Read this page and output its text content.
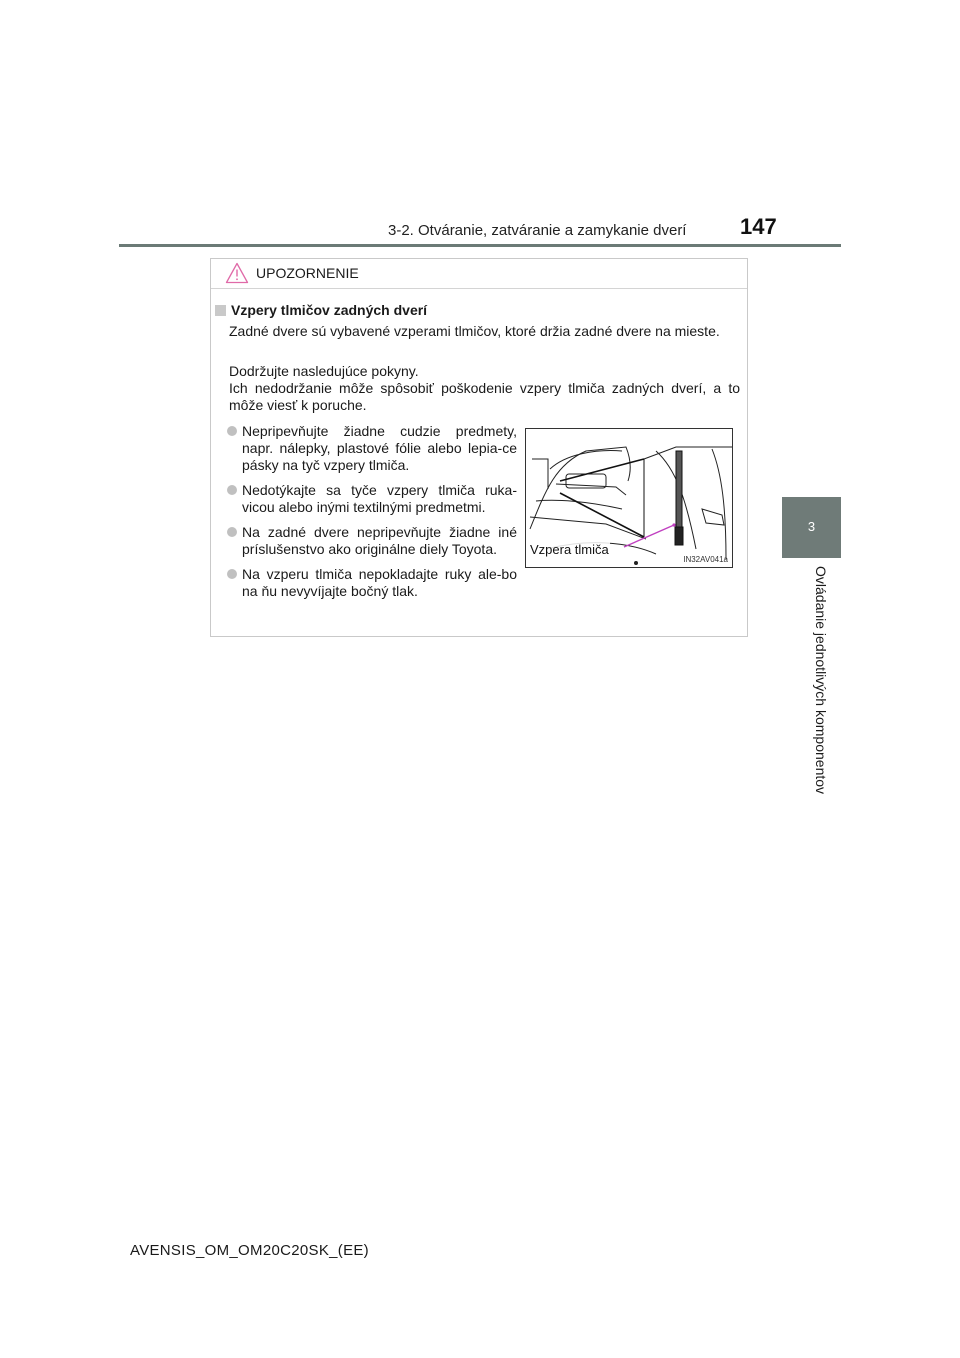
3-2. Otváranie, zatváranie a zamykanie dverí 147
3
Ovládanie jednotlivých komponentov
UPOZORNENIE
Vzpery tlmičov zadných dverí
Zadné dvere sú vybavené vzperami tlmičov, ktoré držia zadné dvere na mieste.
Dodržujte nasledujúce pokyny.
Ich nedodržanie môže spôsobiť poškodenie vzpery tlmiča zadných dverí, a to môže viesť k poruche.
Nepripevňujte žiadne cudzie predmety, napr. nálepky, plastové fólie alebo lepia-ce pásky na tyč vzpery tlmiča.
Nedotýkajte sa tyče vzpery tlmiča ruka-vicou alebo inými textilnými predmetmi.
Na zadné dvere nepripevňujte žiadne iné príslušenstvo ako originálne diely Toyota.
Na vzperu tlmiča nepokladajte ruky ale-bo na ňu nevyvíjajte bočný tlak.
Vzpera tlmiča
IN32AV041a
AVENSIS_OM_OM20C20SK_(EE)
